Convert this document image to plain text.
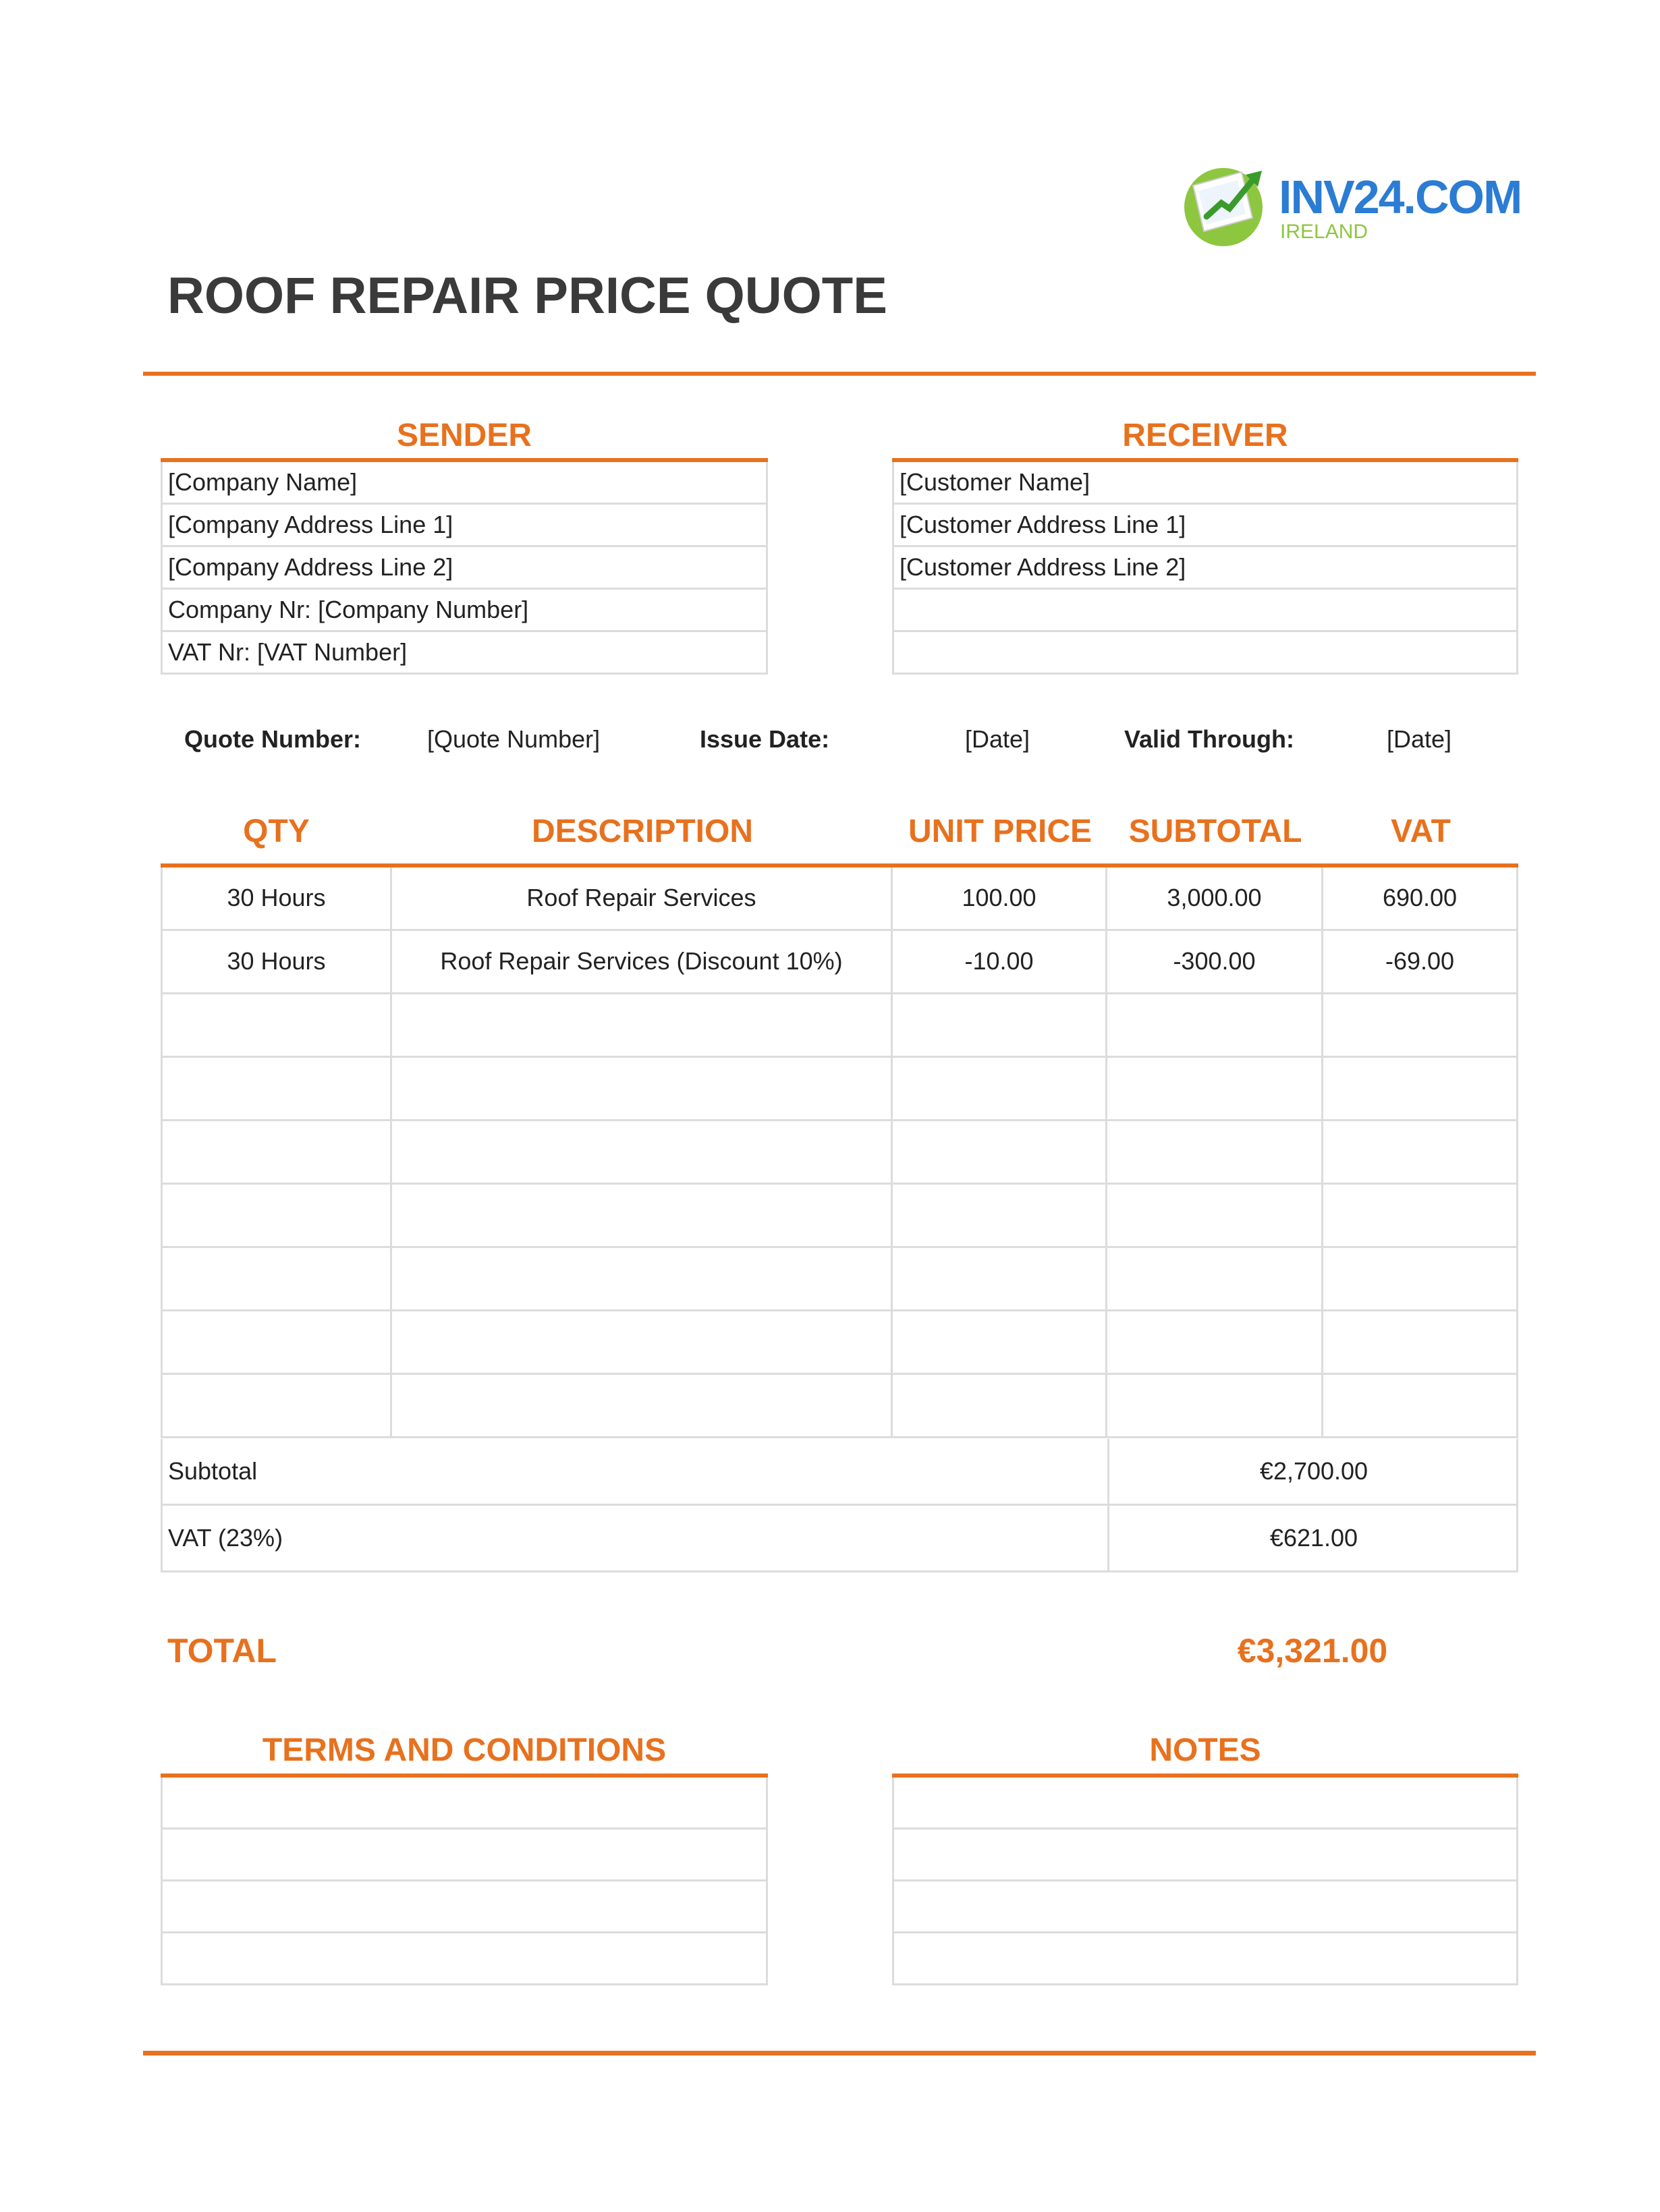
INV24.COM
IRELAND
ROOF REPAIR PRICE QUOTE
SENDER
[Company Name]
[Company Address Line 1]
[Company Address Line 2]
Company Nr: [Company Number]
VAT Nr: [VAT Number]
RECEIVER
[Customer Name]
[Customer Address Line 1]
[Customer Address Line 2]
Quote Number:	[Quote Number]	Issue Date:	[Date]	Valid Through:	[Date]
QTY	DESCRIPTION	UNIT PRICE	SUBTOTAL	VAT
30 Hours	Roof Repair Services	100.00	3,000.00	690.00
30 Hours	Roof Repair Services (Discount 10%)	-10.00	-300.00	-69.00
Subtotal	€2,700.00
VAT (23%)	€621.00
TOTAL	€3,321.00
TERMS AND CONDITIONS	NOTES
